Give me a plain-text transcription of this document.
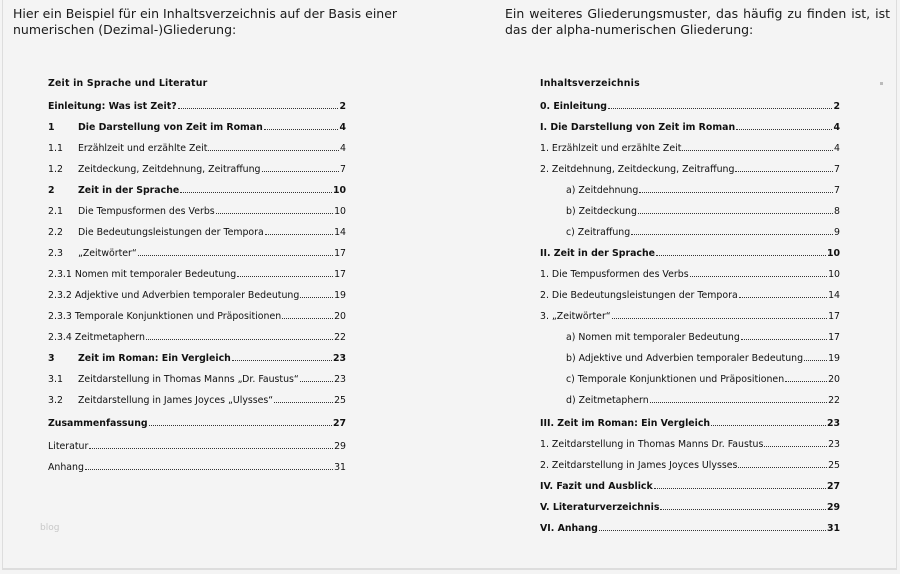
Hier ein Beispiel für ein Inhaltsverzeichnis auf der Basis einer numerischen (Dezimal-)Gliederung:
Ein weiteres Gliederungsmuster, das häufig zu finden ist, ist das der alpha-numerischen Gliederung:
Zeit in Sprache und Literatur
Einleitung: Was ist Zeit?	2
1	Die Darstellung von Zeit im Roman	4
1.1	Erzählzeit und erzählte Zeit	4
1.2	Zeitdeckung, Zeitdehnung, Zeitraffung	7
2	Zeit in der Sprache	10
2.1	Die Tempusformen des Verbs	10
2.2	Die Bedeutungsleistungen der Tempora	14
2.3	„Zeitwörter“	17
2.3.1 Nomen mit temporaler Bedeutung	17
2.3.2 Adjektive und Adverbien temporaler Bedeutung	19
2.3.3 Temporale Konjunktionen und Präpositionen	20
2.3.4 Zeitmetaphern	22
3	Zeit im Roman: Ein Vergleich	23
3.1	Zeitdarstellung in Thomas Manns „Dr. Faustus“	23
3.2	Zeitdarstellung in James Joyces „Ulysses“	25
Zusammenfassung	27
Literatur	29
Anhang	31
Inhaltsverzeichnis
0. Einleitung	2
I. Die Darstellung von Zeit im Roman	4
1. Erzählzeit und erzählte Zeit	4
2. Zeitdehnung, Zeitdeckung, Zeitraffung	7
a) Zeitdehnung	7
b) Zeitdeckung	8
c) Zeitraffung	9
II. Zeit in der Sprache	10
1. Die Tempusformen des Verbs	10
2. Die Bedeutungsleistungen der Tempora	14
3. „Zeitwörter“	17
a) Nomen mit temporaler Bedeutung	17
b) Adjektive und Adverbien temporaler Bedeutung	19
c) Temporale Konjunktionen und Präpositionen	20
d) Zeitmetaphern	22
III. Zeit im Roman: Ein Vergleich	23
1. Zeitdarstellung in Thomas Manns Dr. Faustus	23
2. Zeitdarstellung in James Joyces Ulysses	25
IV. Fazit und Ausblick	27
V. Literaturverzeichnis	29
VI. Anhang	31
blog
